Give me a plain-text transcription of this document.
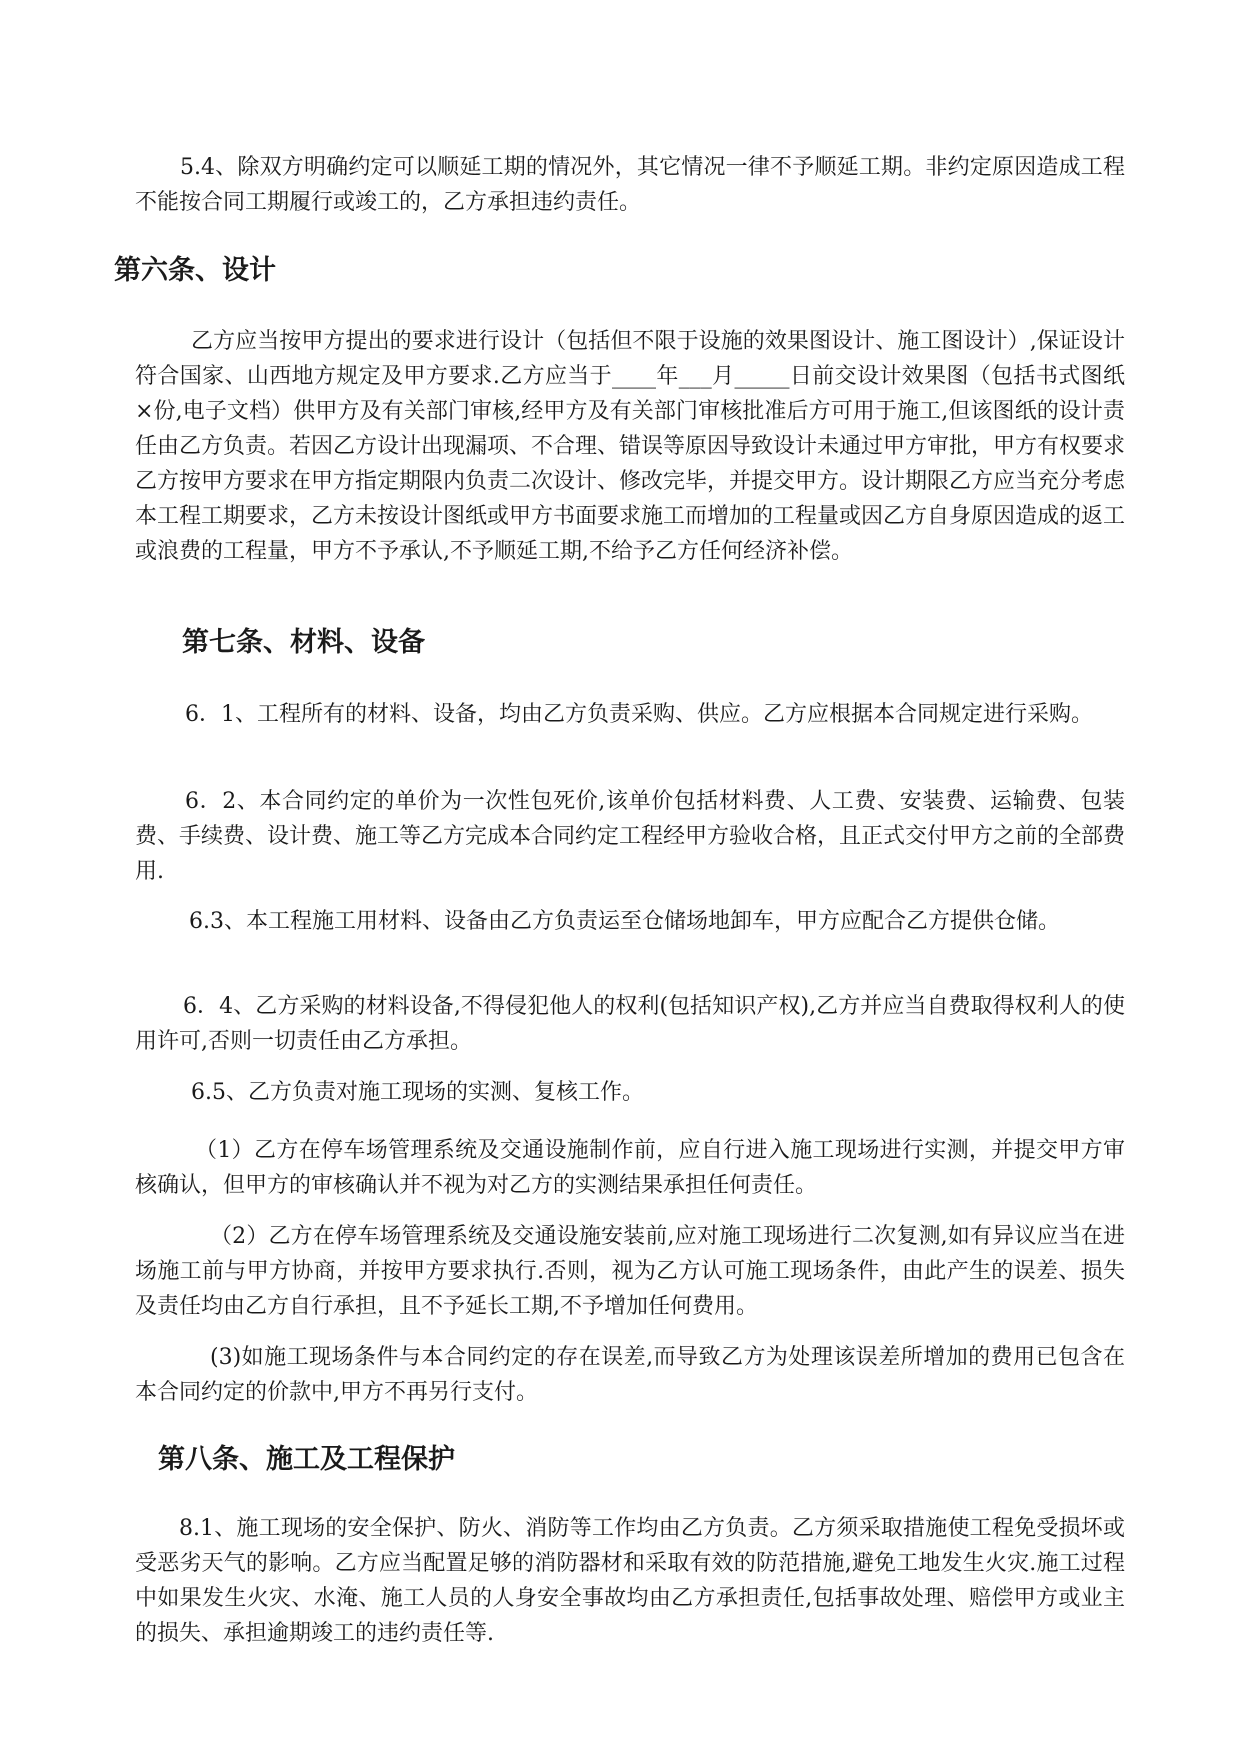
5.4、除双方明确约定可以顺延工期的情况外，其它情况一律不予顺延工期。非约定原因造成工程不能按合同工期履行或竣工的，乙方承担违约责任。

第六条、设计

乙方应当按甲方提出的要求进行设计（包括但不限于设施的效果图设计、施工图设计）,保证设计符合国家、山西地方规定及甲方要求.乙方应当于____年___月_____日前交设计效果图（包括书式图纸×份,电子文档）供甲方及有关部门审核,经甲方及有关部门审核批准后方可用于施工,但该图纸的设计责任由乙方负责。若因乙方设计出现漏项、不合理、错误等原因导致设计未通过甲方审批，甲方有权要求乙方按甲方要求在甲方指定期限内负责二次设计、修改完毕，并提交甲方。设计期限乙方应当充分考虑本工程工期要求，乙方未按设计图纸或甲方书面要求施工而增加的工程量或因乙方自身原因造成的返工或浪费的工程量，甲方不予承认,不予顺延工期,不给予乙方任何经济补偿。

第七条、材料、设备

6．1、工程所有的材料、设备，均由乙方负责采购、供应。乙方应根据本合同规定进行采购。

6．2、本合同约定的单价为一次性包死价,该单价包括材料费、人工费、安装费、运输费、包装费、手续费、设计费、施工等乙方完成本合同约定工程经甲方验收合格，且正式交付甲方之前的全部费用.

6.3、本工程施工用材料、设备由乙方负责运至仓储场地卸车，甲方应配合乙方提供仓储。

6．4、乙方采购的材料设备,不得侵犯他人的权利(包括知识产权),乙方并应当自费取得权利人的使用许可,否则一切责任由乙方承担。

6.5、乙方负责对施工现场的实测、复核工作。

（1）乙方在停车场管理系统及交通设施制作前，应自行进入施工现场进行实测，并提交甲方审核确认，但甲方的审核确认并不视为对乙方的实测结果承担任何责任。

（2）乙方在停车场管理系统及交通设施安装前,应对施工现场进行二次复测,如有异议应当在进场施工前与甲方协商，并按甲方要求执行.否则，视为乙方认可施工现场条件，由此产生的误差、损失及责任均由乙方自行承担，且不予延长工期,不予增加任何费用。

(3)如施工现场条件与本合同约定的存在误差,而导致乙方为处理该误差所增加的费用已包含在本合同约定的价款中,甲方不再另行支付。

第八条、施工及工程保护

8.1、施工现场的安全保护、防火、消防等工作均由乙方负责。乙方须采取措施使工程免受损坏或受恶劣天气的影响。乙方应当配置足够的消防器材和采取有效的防范措施,避免工地发生火灾.施工过程中如果发生火灾、水淹、施工人员的人身安全事故均由乙方承担责任,包括事故处理、赔偿甲方或业主的损失、承担逾期竣工的违约责任等.
